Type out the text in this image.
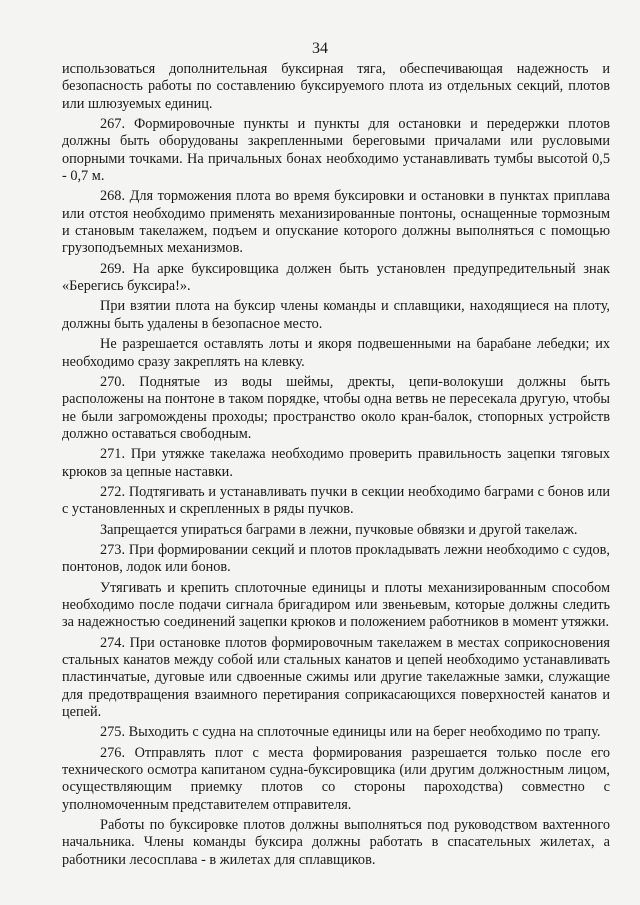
34

использоваться дополнительная буксирная тяга, обеспечивающая надежность и безопасность работы по составлению буксируемого плота из отдельных секций, плотов или шлюзуемых единиц.

267. Формировочные пункты и пункты для остановки и передержки плотов должны быть оборудованы закрепленными береговыми причалами или русловыми опорными точками. На причальных бонах необходимо устанавливать тумбы высотой 0,5 - 0,7 м.

268. Для торможения плота во время буксировки и остановки в пунктах приплава или отстоя необходимо применять механизированные понтоны, оснащенные тормозным и становым такелажем, подъем и опускание которого должны выполняться с помощью грузоподъемных механизмов.

269. На арке буксировщика должен быть установлен предупредительный знак «Берегись буксира!».

При взятии плота на буксир члены команды и сплавщики, находящиеся на плоту, должны быть удалены в безопасное место.

Не разрешается оставлять лоты и якоря подвешенными на барабане лебедки; их необходимо сразу закреплять на клевку.

270. Поднятые из воды шеймы, дректы, цепи-волокуши должны быть расположены на понтоне в таком порядке, чтобы одна ветвь не пересекала другую, чтобы не были загромождены проходы; пространство около кран-балок, стопорных устройств должно оставаться свободным.

271. При утяжке такелажа необходимо проверить правильность зацепки тяговых крюков за цепные наставки.

272. Подтягивать и устанавливать пучки в секции необходимо баграми с бонов или с установленных и скрепленных в ряды пучков.

Запрещается упираться баграми в лежни, пучковые обвязки и другой такелаж.

273. При формировании секций и плотов прокладывать лежни необходимо с судов, понтонов, лодок или бонов.

Утягивать и крепить сплоточные единицы и плоты механизированным способом необходимо после подачи сигнала бригадиром или звеньевым, которые должны следить за надежностью соединений зацепки крюков и положением работников в момент утяжки.

274. При остановке плотов формировочным такелажем в местах соприкосновения стальных канатов между собой или стальных канатов и цепей необходимо устанавливать пластинчатые, дуговые или сдвоенные сжимы или другие такелажные замки, служащие для предотвращения взаимного перетирания соприкасающихся поверхностей канатов и цепей.

275. Выходить с судна на сплоточные единицы или на берег необходимо по трапу.

276. Отправлять плот с места формирования разрешается только после его технического осмотра капитаном судна-буксировщика (или другим должностным лицом, осуществляющим приемку плотов со стороны пароходства) совместно с уполномоченным представителем отправителя.

Работы по буксировке плотов должны выполняться под руководством вахтенного начальника. Члены команды буксира должны работать в спасательных жилетах, а работники лесосплава - в жилетах для сплавщиков.
